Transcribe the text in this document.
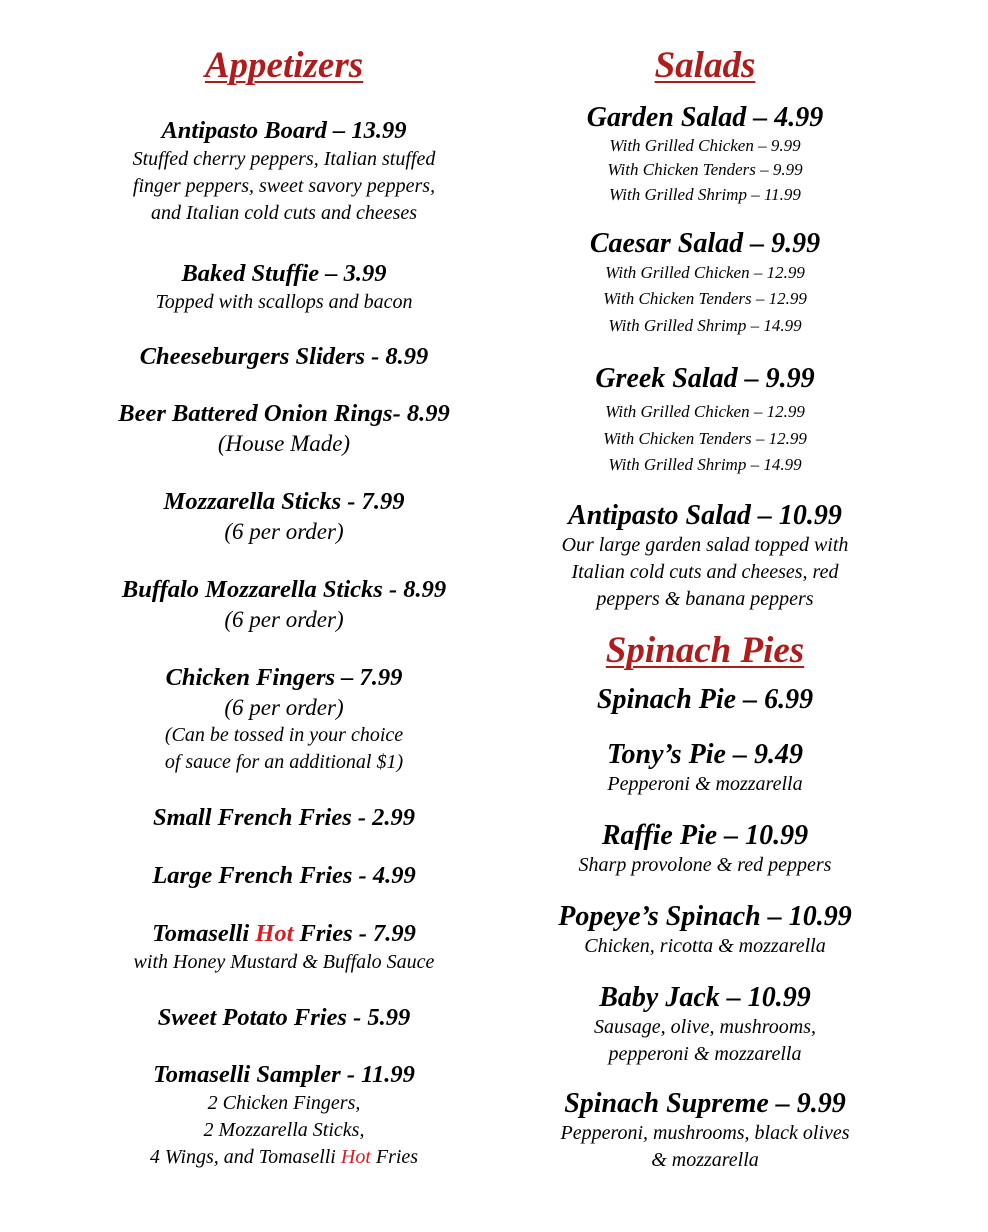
Appetizers
Antipasto Board – 13.99
Stuffed cherry peppers, Italian stuffed
finger peppers, sweet savory peppers,
and Italian cold cuts and cheeses
Baked Stuffie – 3.99
Topped with scallops and bacon
Cheeseburgers Sliders - 8.99
Beer Battered Onion Rings- 8.99
(House Made)
Mozzarella Sticks - 7.99
(6 per order)
Buffalo Mozzarella Sticks - 8.99
(6 per order)
Chicken Fingers – 7.99
(6 per order)
(Can be tossed in your choice
of sauce for an additional $1)
Small French Fries - 2.99
Large French Fries - 4.99
Tomaselli Hot Fries - 7.99
with Honey Mustard & Buffalo Sauce
Sweet Potato Fries - 5.99
Tomaselli Sampler - 11.99
2 Chicken Fingers,
2 Mozzarella Sticks,
4 Wings, and Tomaselli Hot Fries
Salads
Garden Salad – 4.99
With Grilled Chicken – 9.99
With Chicken Tenders – 9.99
With Grilled Shrimp – 11.99
Caesar Salad – 9.99
With Grilled Chicken – 12.99
With Chicken Tenders – 12.99
With Grilled Shrimp – 14.99
Greek Salad – 9.99
With Grilled Chicken – 12.99
With Chicken Tenders – 12.99
With Grilled Shrimp – 14.99
Antipasto Salad – 10.99
Our large garden salad topped with
Italian cold cuts and cheeses, red
peppers & banana peppers
Spinach Pies
Spinach Pie – 6.99
Tony’s Pie – 9.49
Pepperoni & mozzarella
Raffie Pie – 10.99
Sharp provolone & red peppers
Popeye’s Spinach – 10.99
Chicken, ricotta & mozzarella
Baby Jack – 10.99
Sausage, olive, mushrooms,
pepperoni & mozzarella
Spinach Supreme – 9.99
Pepperoni, mushrooms, black olives
& mozzarella
